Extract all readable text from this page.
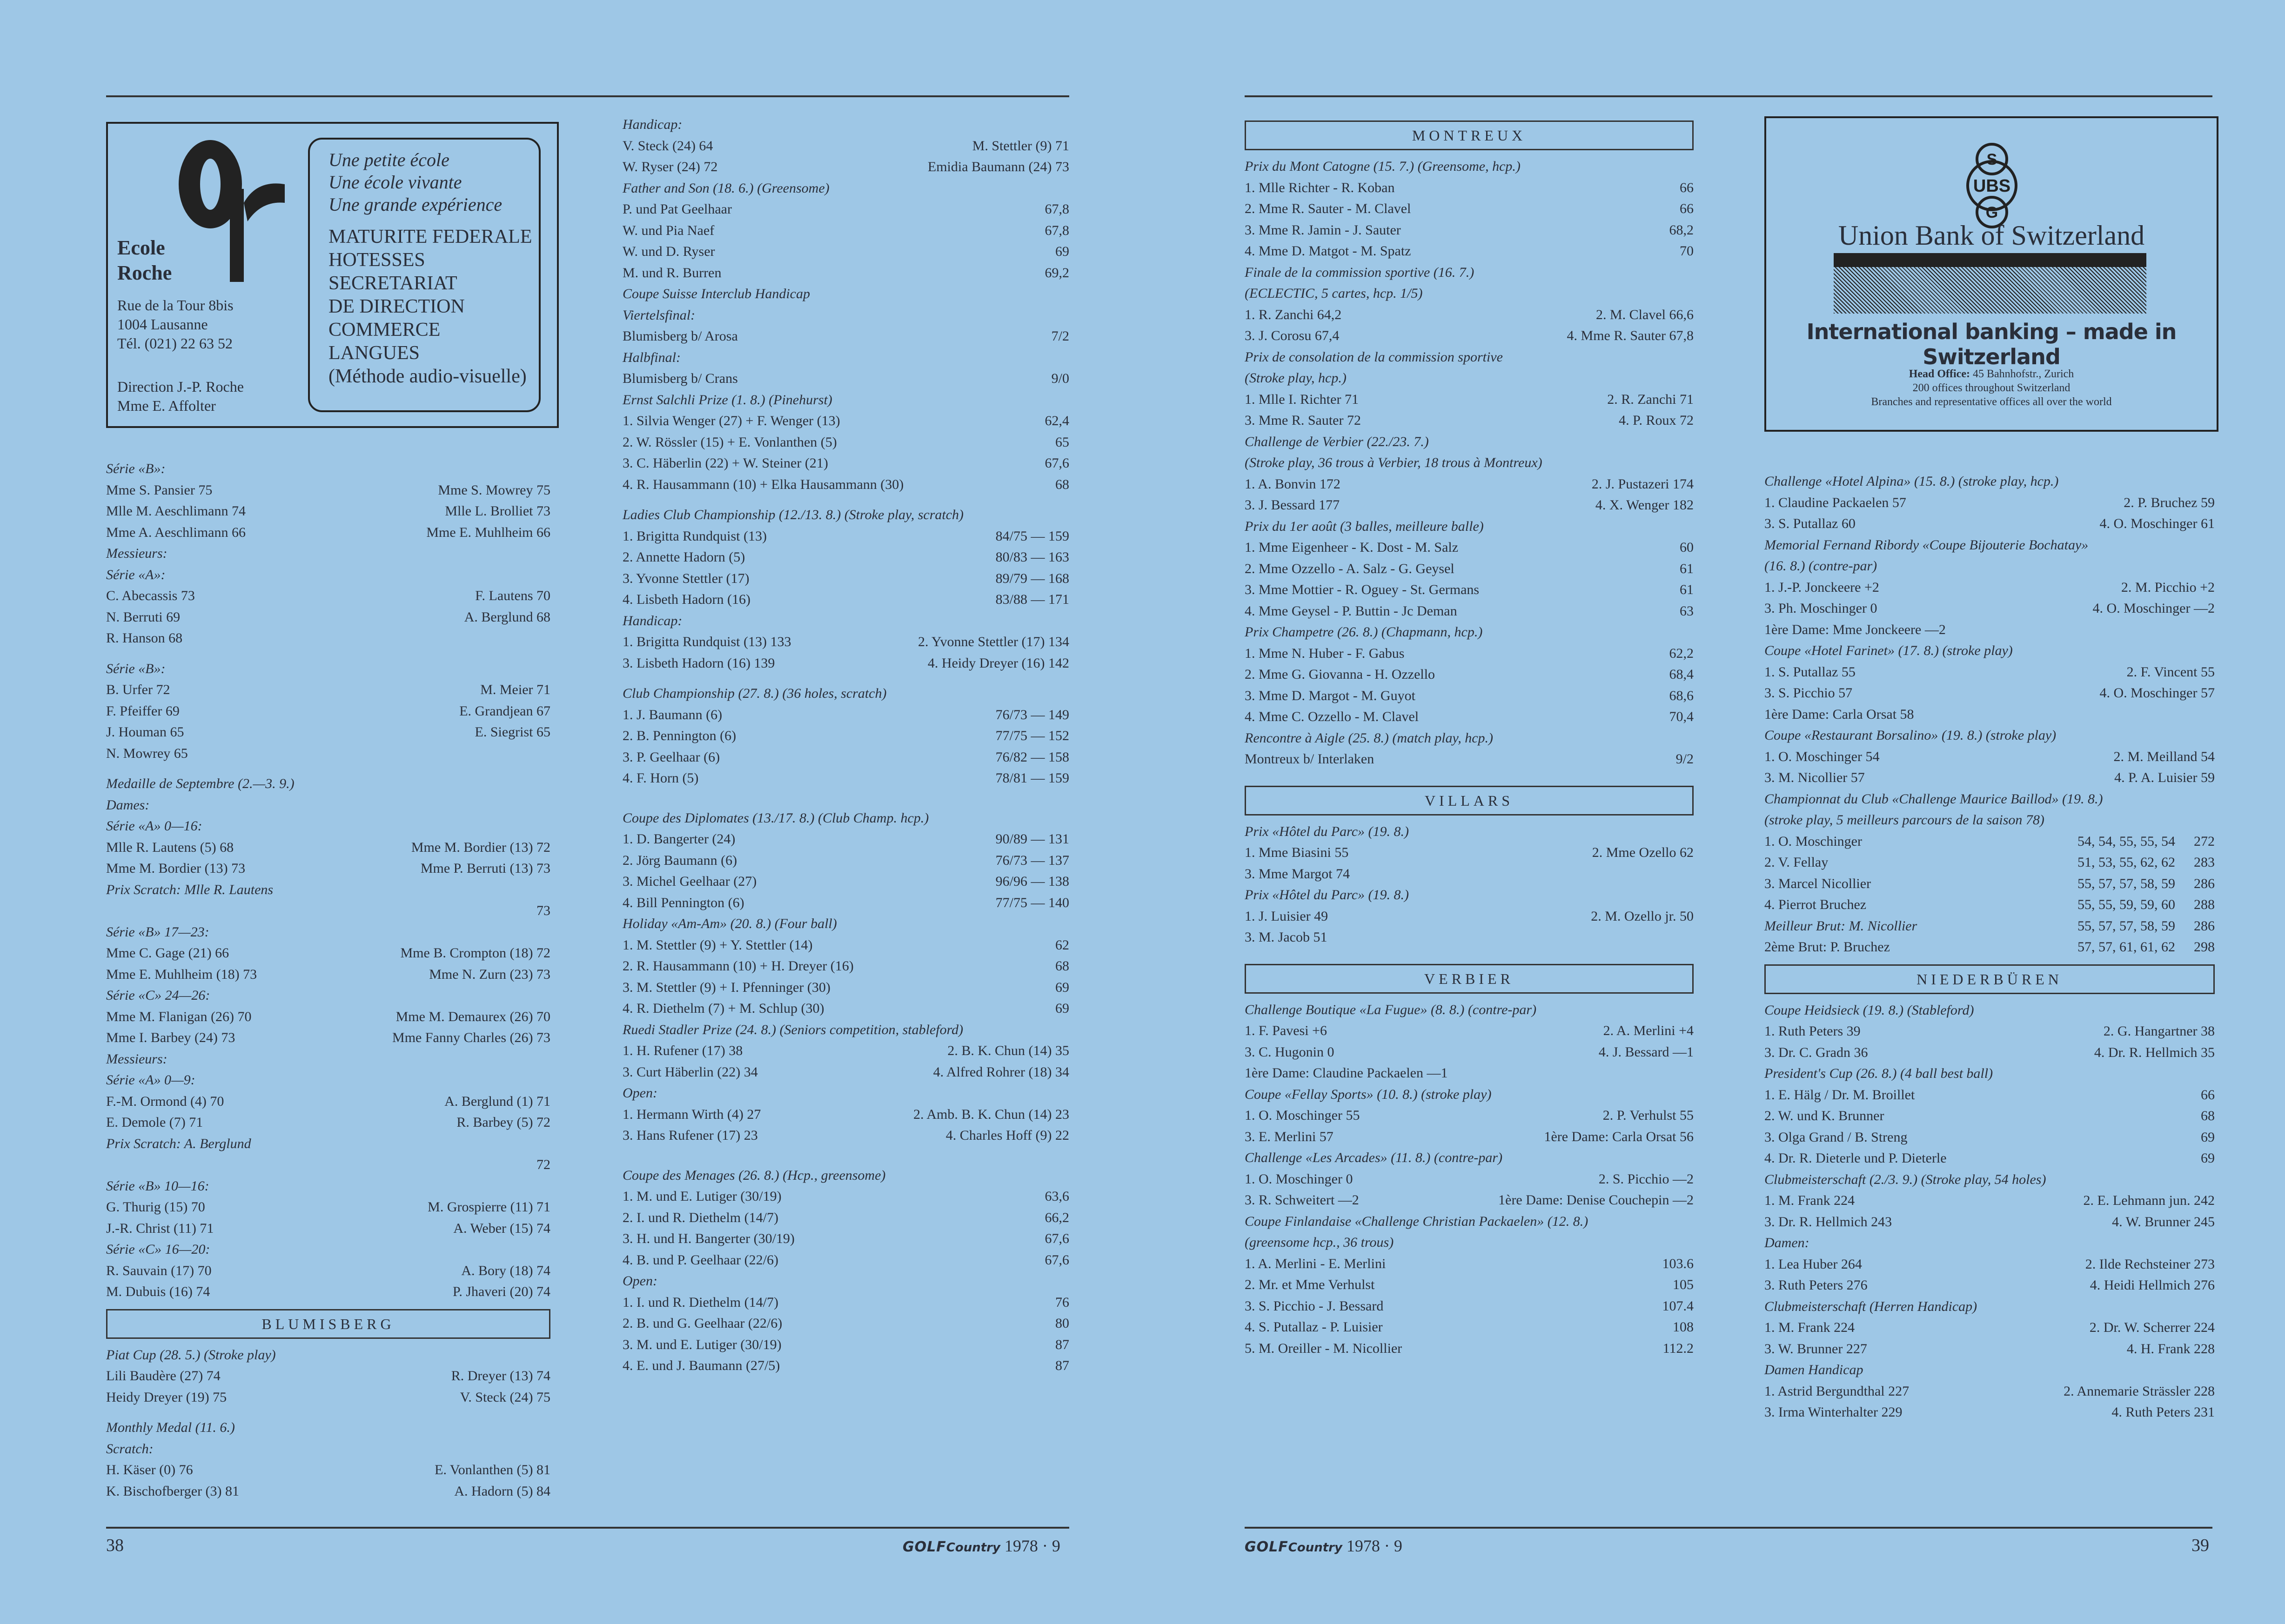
Ecole
Roche
Rue de la Tour 8bis
1004 Lausanne
Tél. (021) 22 63 52
Direction J.-P. Roche
Mme E. Affolter
Une petite école
Une école vivante
Une grande expérience
MATURITE FEDERALE
HOTESSES
SECRETARIAT
DE DIRECTION
COMMERCE
LANGUES
(Méthode audio-visuelle)
Série «B»:
Mme S. Pansier 75	Mme S. Mowrey 75
Mlle M. Aeschlimann 74	Mlle L. Brolliet 73
Mme A. Aeschlimann 66	Mme E. Muhlheim 66
Messieurs:
Série «A»:
C. Abecassis 73	F. Lautens 70
N. Berruti 69	A. Berglund 68
R. Hanson 68
Série «B»:
B. Urfer 72	M. Meier 71
F. Pfeiffer 69	E. Grandjean 67
J. Houman 65	E. Siegrist 65
N. Mowrey 65
Medaille de Septembre (2.—3. 9.)
Dames:
Série «A» 0—16:
Mlle R. Lautens (5) 68	Mme M. Bordier (13) 72
Mme M. Bordier (13) 73	Mme P. Berruti (13) 73
Prix Scratch: Mlle R. Lautens
73
Série «B» 17—23:
Mme C. Gage (21) 66	Mme B. Crompton (18) 72
Mme E. Muhlheim (18) 73	Mme N. Zurn (23) 73
Série «C» 24—26:
Mme M. Flanigan (26) 70	Mme M. Demaurex (26) 70
Mme I. Barbey (24) 73	Mme Fanny Charles (26) 73
Messieurs:
Série «A» 0—9:
F.-M. Ormond (4) 70	A. Berglund (1) 71
E. Demole (7) 71	R. Barbey (5) 72
Prix Scratch: A. Berglund
72
Série «B» 10—16:
G. Thurig (15) 70	M. Grospierre (11) 71
J.-R. Christ (11) 71	A. Weber (15) 74
Série «C» 16—20:
R. Sauvain (17) 70	A. Bory (18) 74
M. Dubuis (16) 74	P. Jhaveri (20) 74
BLUMISBERG
Piat Cup (28. 5.) (Stroke play)
Lili Baudère (27) 74	R. Dreyer (13) 74
Heidy Dreyer (19) 75	V. Steck (24) 75
Monthly Medal (11. 6.)
Scratch:
H. Käser (0) 76	E. Vonlanthen (5) 81
K. Bischofberger (3) 81	A. Hadorn (5) 84
Handicap:
V. Steck (24) 64	M. Stettler (9) 71
W. Ryser (24) 72	Emidia Baumann (24) 73
Father and Son (18. 6.) (Greensome)
P. und Pat Geelhaar	67,8
W. und Pia Naef	67,8
W. und D. Ryser	69
M. und R. Burren	69,2
Coupe Suisse Interclub Handicap
Viertelsfinal:
Blumisberg b/ Arosa	7/2
Halbfinal:
Blumisberg b/ Crans	9/0
Ernst Salchli Prize (1. 8.) (Pinehurst)
1. Silvia Wenger (27) + F. Wenger (13)	62,4
2. W. Rössler (15) + E. Vonlanthen (5)	65
3. C. Häberlin (22) + W. Steiner (21)	67,6
4. R. Hausammann (10) + Elka Hausammann (30)	68
Ladies Club Championship (12./13. 8.) (Stroke play, scratch)
1. Brigitta Rundquist (13)	84/75 — 159
2. Annette Hadorn (5)	80/83 — 163
3. Yvonne Stettler (17)	89/79 — 168
4. Lisbeth Hadorn (16)	83/88 — 171
Handicap:
1. Brigitta Rundquist (13) 133	2. Yvonne Stettler (17) 134
3. Lisbeth Hadorn (16) 139	4. Heidy Dreyer (16) 142
Club Championship (27. 8.) (36 holes, scratch)
1. J. Baumann (6)	76/73 — 149
2. B. Pennington (6)	77/75 — 152
3. P. Geelhaar (6)	76/82 — 158
4. F. Horn (5)	78/81 — 159
Coupe des Diplomates (13./17. 8.) (Club Champ. hcp.)
1. D. Bangerter (24)	90/89 — 131
2. Jörg Baumann (6)	76/73 — 137
3. Michel Geelhaar (27)	96/96 — 138
4. Bill Pennington (6)	77/75 — 140
Holiday «Am-Am» (20. 8.) (Four ball)
1. M. Stettler (9) + Y. Stettler (14)	62
2. R. Hausammann (10) + H. Dreyer (16)	68
3. M. Stettler (9) + I. Pfenninger (30)	69
4. R. Diethelm (7) + M. Schlup (30)	69
Ruedi Stadler Prize (24. 8.) (Seniors competition, stableford)
1. H. Rufener (17) 38	2. B. K. Chun (14) 35
3. Curt Häberlin (22) 34	4. Alfred Rohrer (18) 34
Open:
1. Hermann Wirth (4) 27	2. Amb. B. K. Chun (14) 23
3. Hans Rufener (17) 23	4. Charles Hoff (9) 22
Coupe des Menages (26. 8.) (Hcp., greensome)
1. M. und E. Lutiger (30/19)	63,6
2. I. und R. Diethelm (14/7)	66,2
3. H. und H. Bangerter (30/19)	67,6
4. B. und P. Geelhaar (22/6)	67,6
Open:
1. I. und R. Diethelm (14/7)	76
2. B. und G. Geelhaar (22/6)	80
3. M. und E. Lutiger (30/19)	87
4. E. und J. Baumann (27/5)	87
38	GOLFCountry 1978 · 9
S
UBS
G
Union Bank of Switzerland
International banking – made in Switzerland
Head Office: 45 Bahnhofstr., Zurich
200 offices throughout Switzerland
Branches and representative offices all over the world
MONTREUX
Prix du Mont Catogne (15. 7.) (Greensome, hcp.)
1. Mlle Richter - R. Koban	66
2. Mme R. Sauter - M. Clavel	66
3. Mme R. Jamin - J. Sauter	68,2
4. Mme D. Matgot - M. Spatz	70
Finale de la commission sportive (16. 7.)
(ECLECTIC, 5 cartes, hcp. 1/5)
1. R. Zanchi 64,2	2. M. Clavel 66,6
3. J. Corosu 67,4	4. Mme R. Sauter 67,8
Prix de consolation de la commission sportive
(Stroke play, hcp.)
1. Mlle I. Richter 71	2. R. Zanchi 71
3. Mme R. Sauter 72	4. P. Roux 72
Challenge de Verbier (22./23. 7.)
(Stroke play, 36 trous à Verbier, 18 trous à Montreux)
1. A. Bonvin 172	2. J. Pustazeri 174
3. J. Bessard 177	4. X. Wenger 182
Prix du 1er août (3 balles, meilleure balle)
1. Mme Eigenheer - K. Dost - M. Salz	60
2. Mme Ozzello - A. Salz - G. Geysel	61
3. Mme Mottier - R. Oguey - St. Germans	61
4. Mme Geysel - P. Buttin - Jc Deman	63
Prix Champetre (26. 8.) (Chapmann, hcp.)
1. Mme N. Huber - F. Gabus	62,2
2. Mme G. Giovanna - H. Ozzello	68,4
3. Mme D. Margot - M. Guyot	68,6
4. Mme C. Ozzello - M. Clavel	70,4
Rencontre à Aigle (25. 8.) (match play, hcp.)
Montreux b/ Interlaken	9/2
VILLARS
Prix «Hôtel du Parc» (19. 8.)
1. Mme Biasini 55	2. Mme Ozello 62
3. Mme Margot 74
Prix «Hôtel du Parc» (19. 8.)
1. J. Luisier 49	2. M. Ozello jr. 50
3. M. Jacob 51
VERBIER
Challenge Boutique «La Fugue» (8. 8.) (contre-par)
1. F. Pavesi +6	2. A. Merlini +4
3. C. Hugonin 0	4. J. Bessard —1
1ère Dame: Claudine Packaelen —1
Coupe «Fellay Sports» (10. 8.) (stroke play)
1. O. Moschinger 55	2. P. Verhulst 55
3. E. Merlini 57	1ère Dame: Carla Orsat 56
Challenge «Les Arcades» (11. 8.) (contre-par)
1. O. Moschinger 0	2. S. Picchio —2
3. R. Schweitert —2	1ère Dame: Denise Couchepin —2
Coupe Finlandaise «Challenge Christian Packaelen» (12. 8.)
(greensome hcp., 36 trous)
1. A. Merlini - E. Merlini	103.6
2. Mr. et Mme Verhulst	105
3. S. Picchio - J. Bessard	107.4
4. S. Putallaz - P. Luisier	108
5. M. Oreiller - M. Nicollier	112.2
Challenge «Hotel Alpina» (15. 8.) (stroke play, hcp.)
1. Claudine Packaelen 57	2. P. Bruchez 59
3. S. Putallaz 60	4. O. Moschinger 61
Memorial Fernand Ribordy «Coupe Bijouterie Bochatay»
(16. 8.) (contre-par)
1. J.-P. Jonckeere +2	2. M. Picchio +2
3. Ph. Moschinger 0	4. O. Moschinger —2
1ère Dame: Mme Jonckeere —2
Coupe «Hotel Farinet» (17. 8.) (stroke play)
1. S. Putallaz 55	2. F. Vincent 55
3. S. Picchio 57	4. O. Moschinger 57
1ère Dame: Carla Orsat 58
Coupe «Restaurant Borsalino» (19. 8.) (stroke play)
1. O. Moschinger 54	2. M. Meilland 54
3. M. Nicollier 57	4. P. A. Luisier 59
Championnat du Club «Challenge Maurice Baillod» (19. 8.)
(stroke play, 5 meilleurs parcours de la saison 78)
1. O. Moschinger	54, 54, 55, 55, 54 272
2. V. Fellay	51, 53, 55, 62, 62 283
3. Marcel Nicollier	55, 57, 57, 58, 59 286
4. Pierrot Bruchez	55, 55, 59, 59, 60 288
Meilleur Brut: M. Nicollier	55, 57, 57, 58, 59 286
2ème Brut: P. Bruchez	57, 57, 61, 61, 62 298
NIEDERBÜREN
Coupe Heidsieck (19. 8.) (Stableford)
1. Ruth Peters 39	2. G. Hangartner 38
3. Dr. C. Gradn 36	4. Dr. R. Hellmich 35
President's Cup (26. 8.) (4 ball best ball)
1. E. Hälg / Dr. M. Broillet	66
2. W. und K. Brunner	68
3. Olga Grand / B. Streng	69
4. Dr. R. Dieterle und P. Dieterle	69
Clubmeisterschaft (2./3. 9.) (Stroke play, 54 holes)
1. M. Frank 224	2. E. Lehmann jun. 242
3. Dr. R. Hellmich 243	4. W. Brunner 245
Damen:
1. Lea Huber 264	2. Ilde Rechsteiner 273
3. Ruth Peters 276	4. Heidi Hellmich 276
Clubmeisterschaft (Herren Handicap)
1. M. Frank 224	2. Dr. W. Scherrer 224
3. W. Brunner 227	4. H. Frank 228
Damen Handicap
1. Astrid Bergundthal 227	2. Annemarie Strässler 228
3. Irma Winterhalter 229	4. Ruth Peters 231
39
GOLFCountry 1978 · 9
